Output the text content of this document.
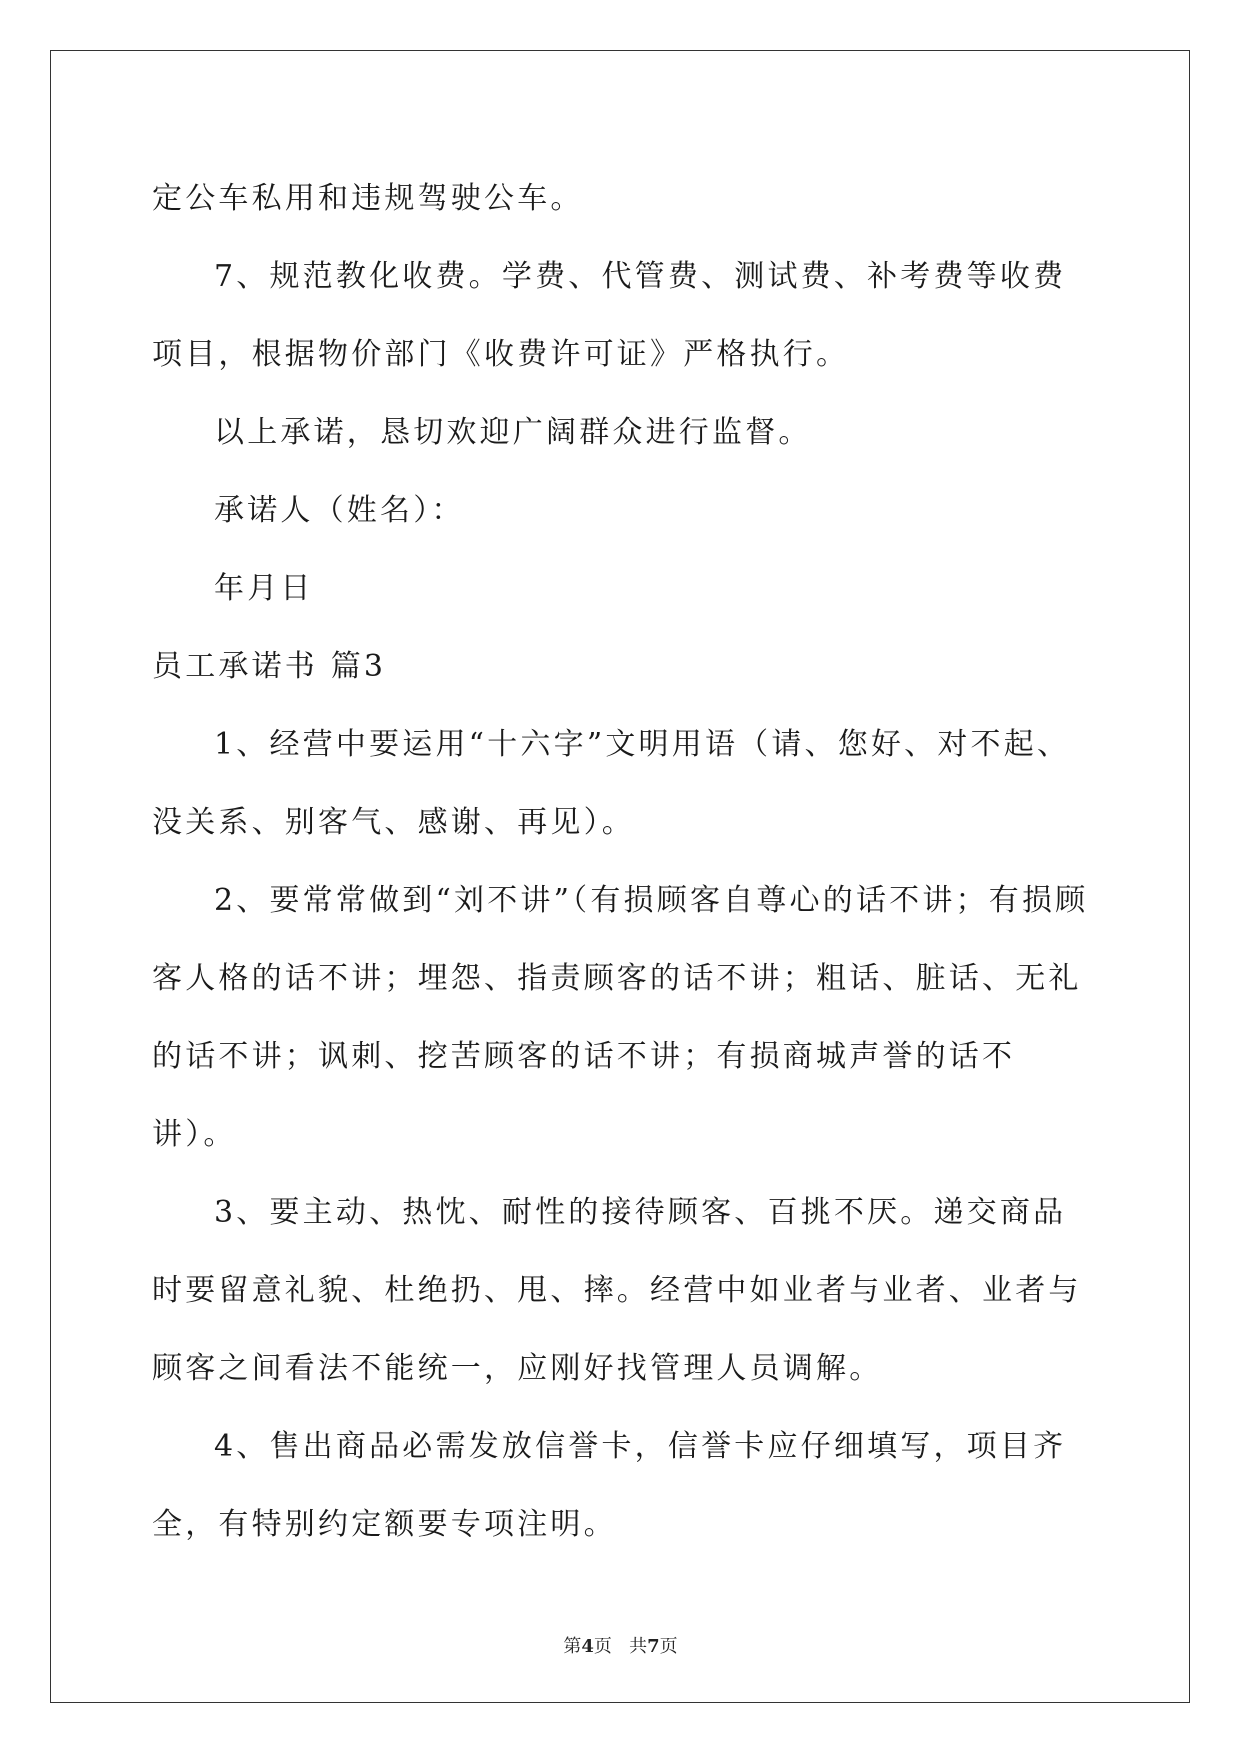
定公车私用和违规驾驶公车。

7、规范教化收费。学费、代管费、测试费、补考费等收费项目，根据物价部门《收费许可证》严格执行。

以上承诺，恳切欢迎广阔群众进行监督。

承诺人（姓名）：

年月日

员工承诺书 篇3

1、经营中要运用“十六字”文明用语（请、您好、对不起、没关系、别客气、感谢、再见）。

2、要常常做到“刘不讲”（有损顾客自尊心的话不讲；有损顾客人格的话不讲；埋怨、指责顾客的话不讲；粗话、脏话、无礼的话不讲；讽刺、挖苦顾客的话不讲；有损商城声誉的话不讲）。

3、要主动、热忱、耐性的接待顾客、百挑不厌。递交商品时要留意礼貌、杜绝扔、甩、摔。经营中如业者与业者、业者与顾客之间看法不能统一，应刚好找管理人员调解。

4、售出商品必需发放信誉卡，信誉卡应仔细填写，项目齐全，有特别约定额要专项注明。

第4页 共7页
